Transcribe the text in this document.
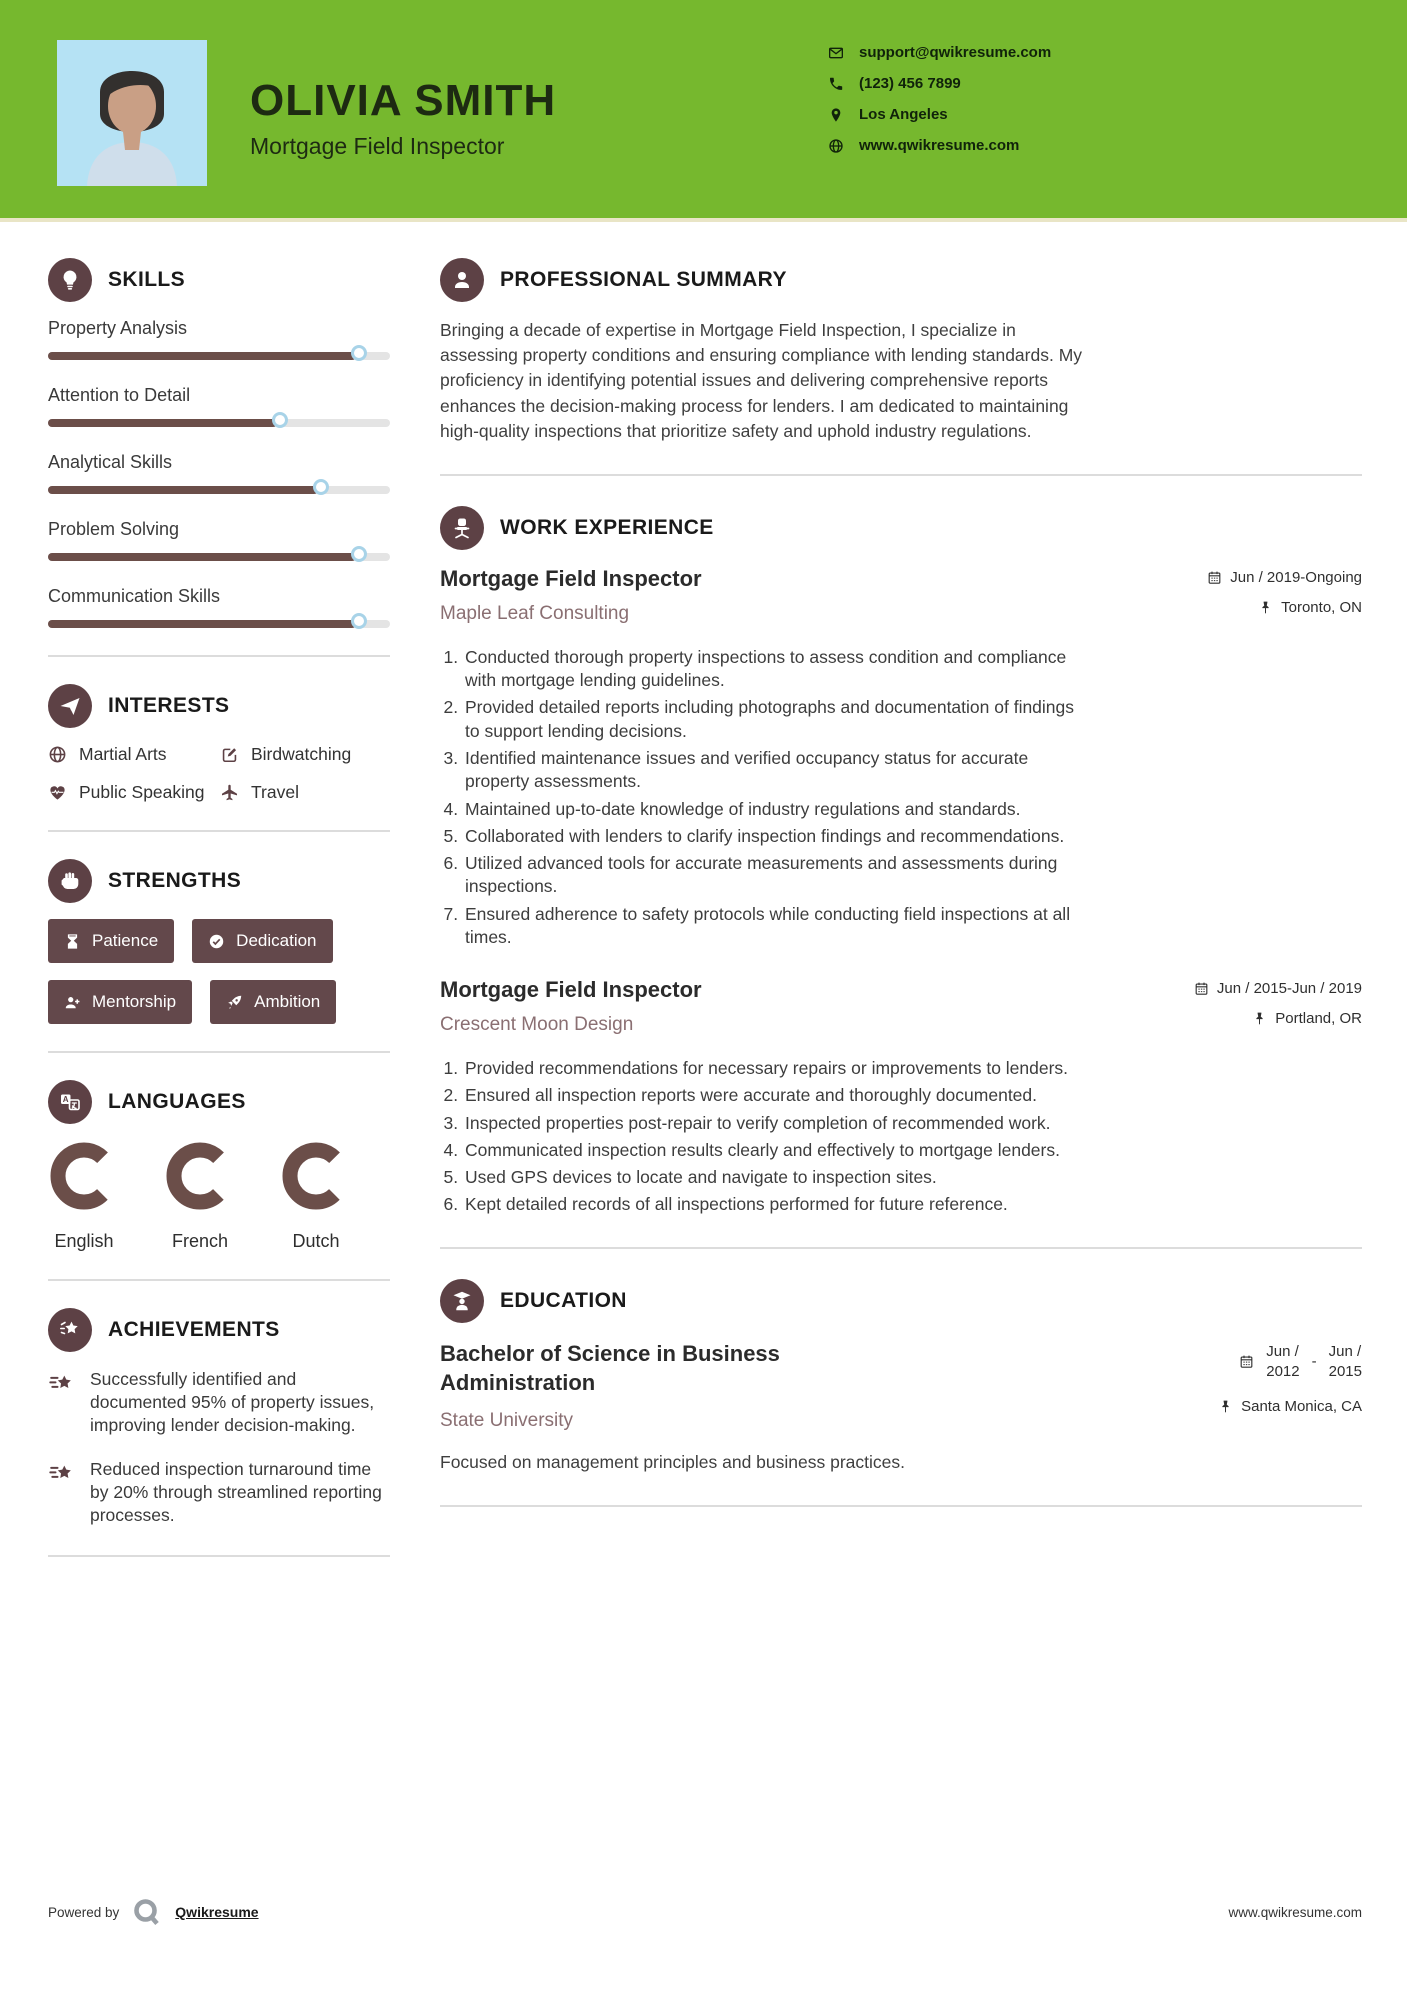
OLIVIA SMITH
Mortgage Field Inspector
support@qwikresume.com
(123) 456 7899
Los Angeles
www.qwikresume.com
SKILLS
Property Analysis
Attention to Detail
Analytical Skills
Problem Solving
Communication Skills
INTERESTS
Martial Arts	Birdwatching
Public Speaking	Travel
STRENGTHS
Patience	Dedication
Mentorship	Ambition
A LANGUAGES
English	French	Dutch
ACHIEVEMENTS
Successfully identified and documented 95% of property issues, improving lender decision-making.
Reduced inspection turnaround time by 20% through streamlined reporting processes.
PROFESSIONAL SUMMARY

Bringing a decade of expertise in Mortgage Field Inspection, I specialize in assessing property conditions and ensuring compliance with lending standards. My proficiency in identifying potential issues and delivering comprehensive reports enhances the decision-making process for lenders. I am dedicated to maintaining high-quality inspections that prioritize safety and uphold industry regulations.

WORK EXPERIENCE
Mortgage Field Inspector
Maple Leaf Consulting
Jun / 2019-Ongoing
Toronto, ON
1. Conducted thorough property inspections to assess condition and compliance with mortgage lending guidelines.
2. Provided detailed reports including photographs and documentation of findings to support lending decisions.
3. Identified maintenance issues and verified occupancy status for accurate property assessments.
4. Maintained up-to-date knowledge of industry regulations and standards.
5. Collaborated with lenders to clarify inspection findings and recommendations.
6. Utilized advanced tools for accurate measurements and assessments during inspections.
7. Ensured adherence to safety protocols while conducting field inspections at all times.
Mortgage Field Inspector
Crescent Moon Design
Jun / 2015-Jun / 2019
Portland, OR
1. Provided recommendations for necessary repairs or improvements to lenders.
2. Ensured all inspection reports were accurate and thoroughly documented.
3. Inspected properties post-repair to verify completion of recommended work.
4. Communicated inspection results clearly and effectively to mortgage lenders.
5. Used GPS devices to locate and navigate to inspection sites.
6. Kept detailed records of all inspections performed for future reference.
EDUCATION
Bachelor of Science in Business Administration
State University
Jun /
2012
-
Jun /
2015
Santa Monica, CA

Focused on management principles and business practices.

Powered by	Qwikresume	www.qwikresume.com
